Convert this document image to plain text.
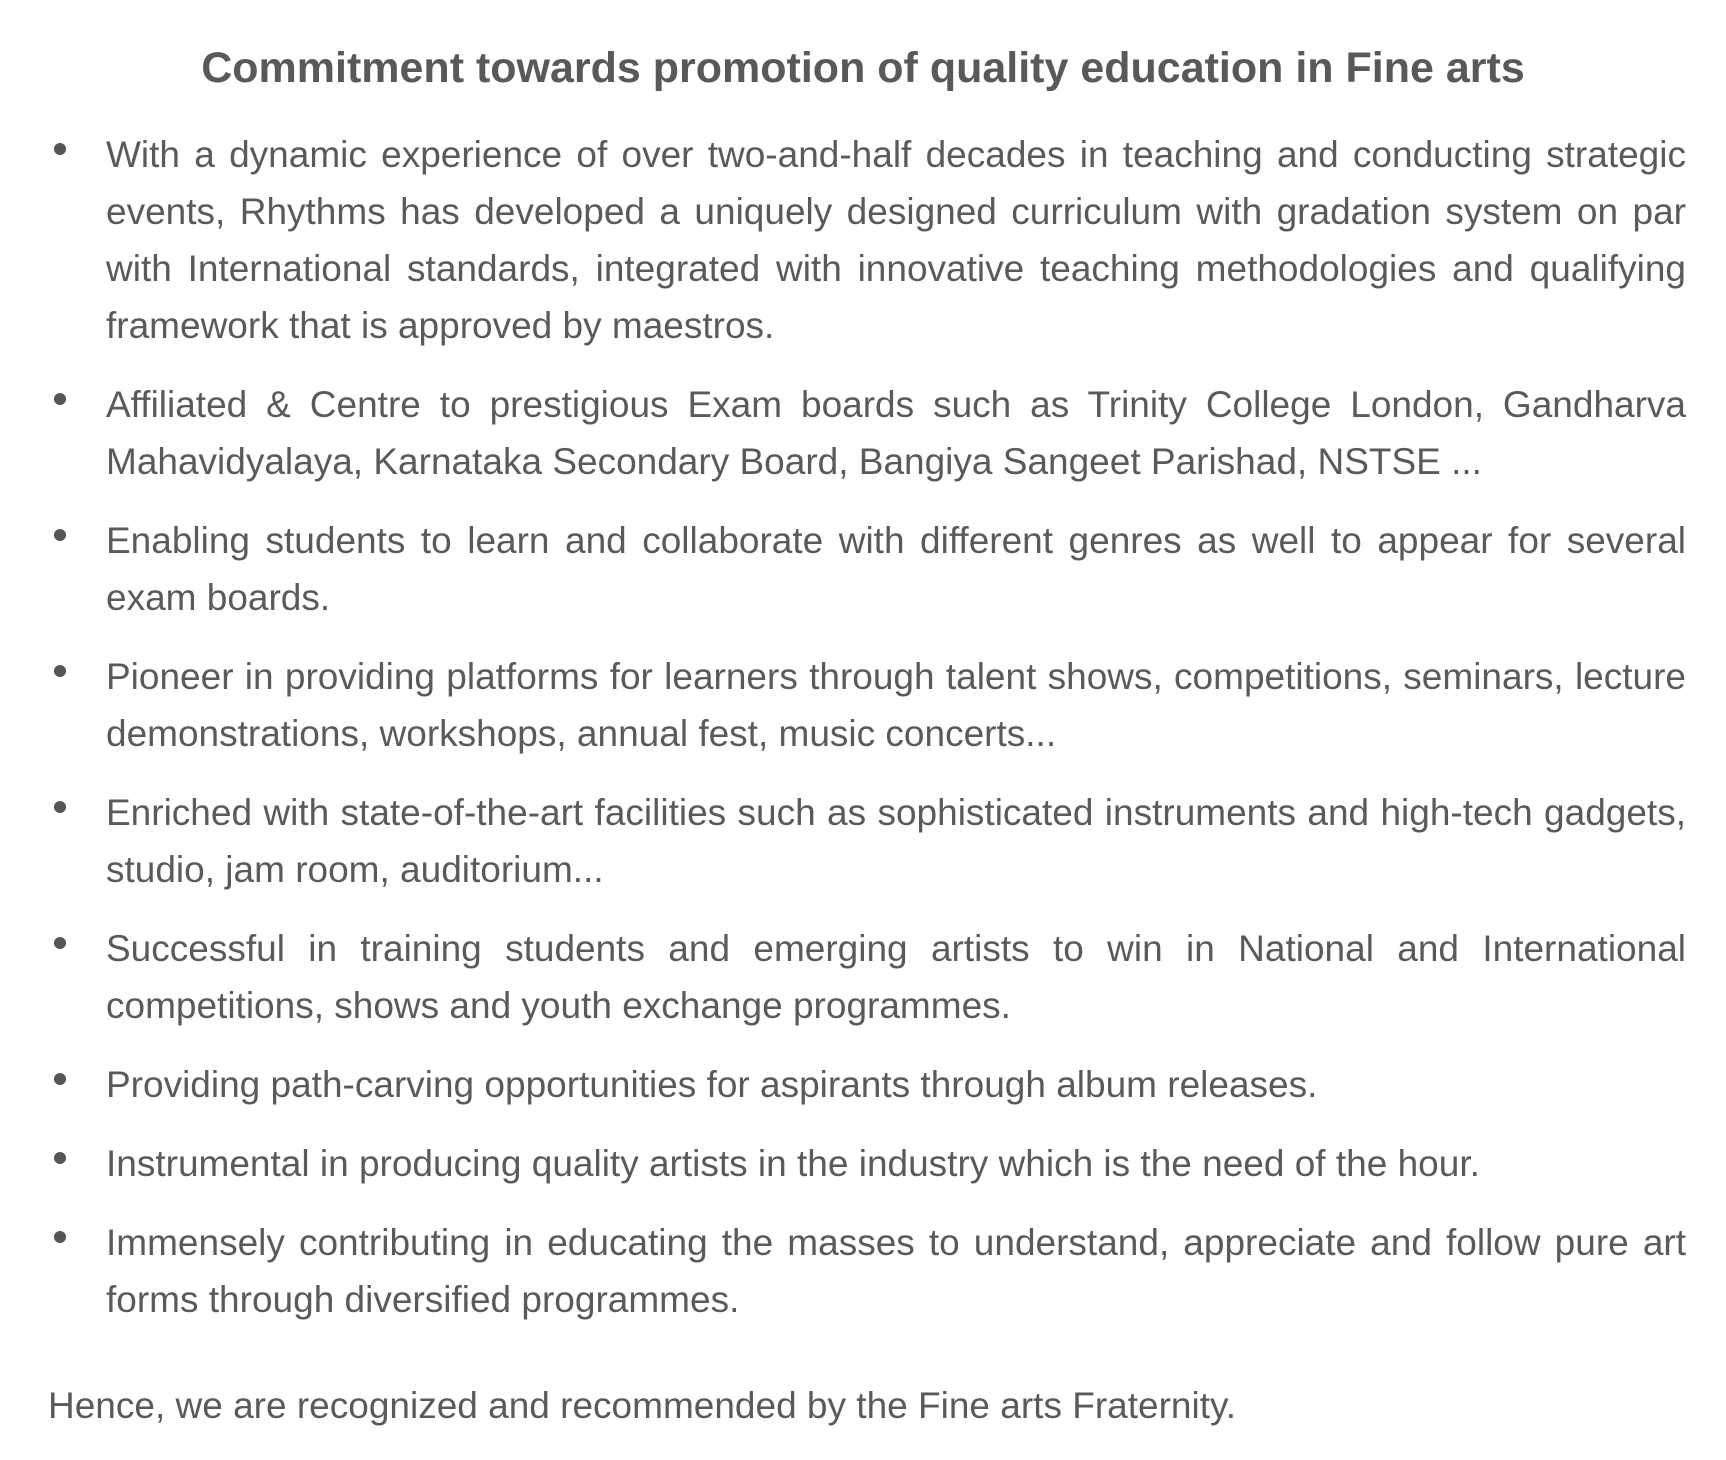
Commitment towards promotion of quality education in Fine arts
With a dynamic experience of over two-and-half decades in teaching and conducting strategic events, Rhythms has developed a uniquely designed curriculum with gradation system on par with International standards, integrated with innovative teaching methodologies and qualifying framework that is approved by maestros.
Affiliated & Centre to prestigious Exam boards such as Trinity College London, Gandharva Mahavidyalaya, Karnataka Secondary Board, Bangiya Sangeet Parishad, NSTSE ...
Enabling students to learn and collaborate with different genres as well to appear for several exam boards.
Pioneer in providing platforms for learners through talent shows, competitions, seminars, lecture demonstrations, workshops, annual fest, music concerts...
Enriched with state-of-the-art facilities such as sophisticated instruments and high-tech gadgets, studio, jam room, auditorium...
Successful in training students and emerging artists to win in National and International competitions, shows and youth exchange programmes.
Providing path-carving opportunities for aspirants through album releases.
Instrumental in producing quality artists in the industry which is the need of the hour.
Immensely contributing in educating the masses to understand, appreciate and follow pure art forms through diversified programmes.

Hence, we are recognized and recommended by the Fine arts Fraternity.
